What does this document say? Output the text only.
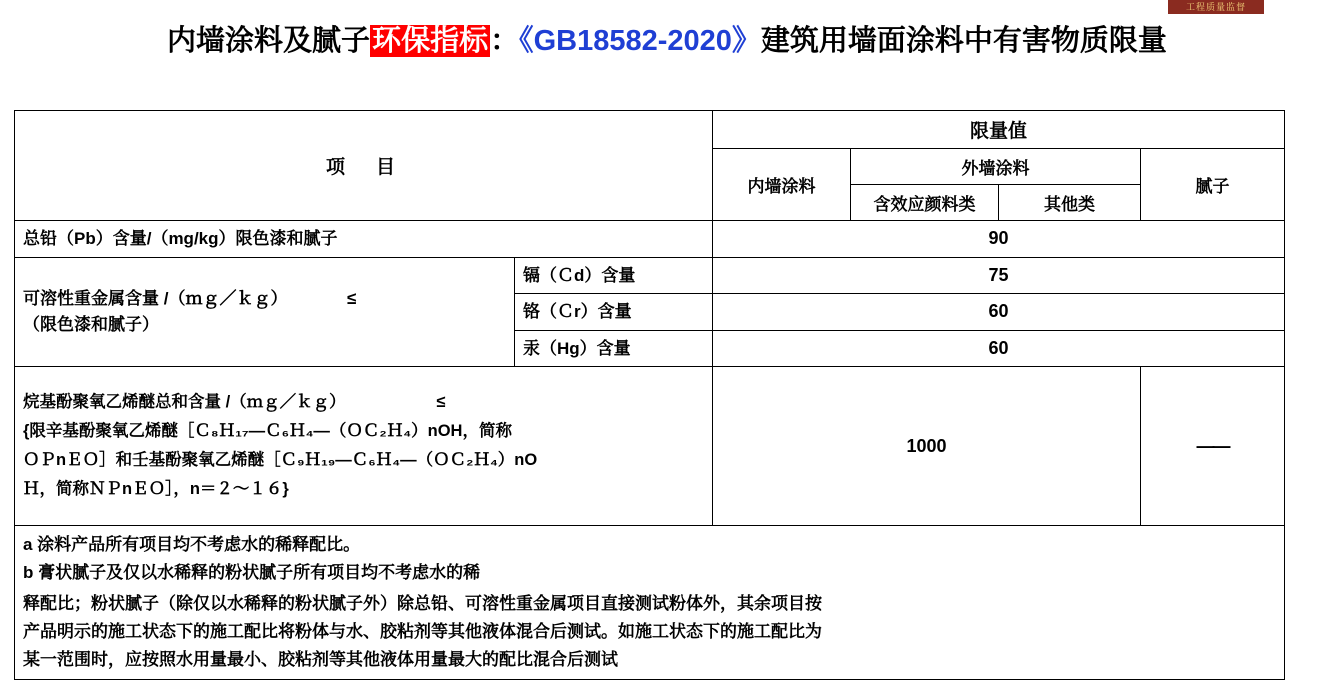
工程质量监督
内墙涂料及腻子环保指标：《GB18582-2020》建筑用墙面涂料中有害物质限量
项　目		限量值			
		内墙涂料	外墙涂料		腻子
			含效应颜料类	其他类	
总铅（Pb）含量/（mg/kg）限色漆和腻子		90			
可溶性重金属含量 /（ｍｇ／ｋｇ）　　　　≤
（限色漆和腻子）	镉（Ｃd）含量	75			
	铬（Ｃr）含量	60			
	汞（Hg）含量	60			

烷基酚聚氧乙烯醚总和含量 /（ｍｇ／ｋｇ）　　　　　　≤
{限辛基酚聚氧乙烯醚［Ｃ₈Ｈ₁₇—Ｃ₆Ｈ₄—（ＯＣ₂Ｈ₄）nOH，简称
ＯＰnＥＯ］和壬基酚聚氧乙烯醚［Ｃ₉Ｈ₁₉—Ｃ₆Ｈ₄—（ＯＣ₂Ｈ₄）nO
Ｈ，简称ＮＰnＥＯ］，n＝２～１６}		1000			——

a 涂料产品所有项目均不考虑水的稀释配比。

b 膏状腻子及仅以水稀释的粉状腻子所有项目均不考虑水的稀

释配比；粉状腻子（除仅以水稀释的粉状腻子外）除总铅、可溶性重金属项目直接测试粉体外，其余项目按

产品明示的施工状态下的施工配比将粉体与水、胶粘剂等其他液体混合后测试。如施工状态下的施工配比为

某一范围时，应按照水用量最小、胶粘剂等其他液体用量最大的配比混合后测试					
